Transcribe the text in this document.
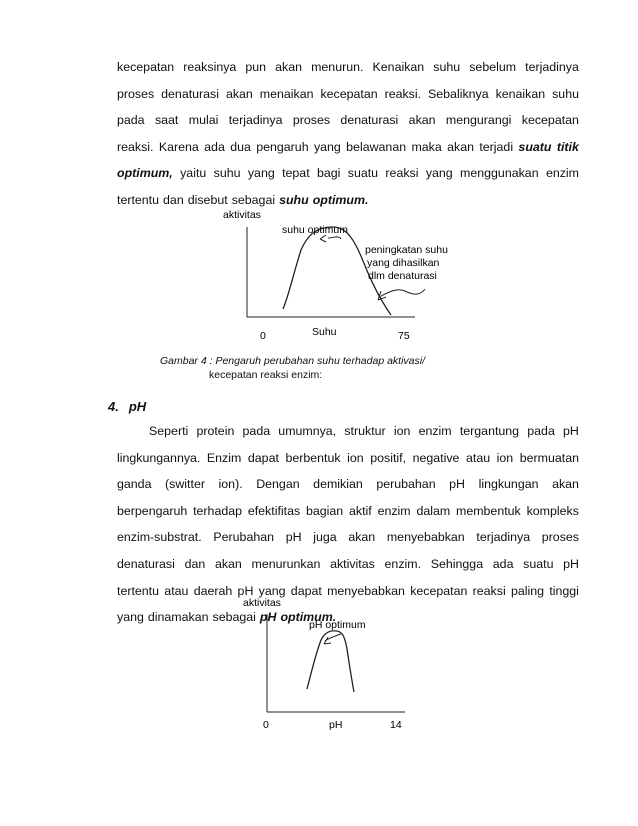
kecepatan reaksinya pun akan menurun. Kenaikan suhu sebelum terjadinya
proses denaturasi akan menaikan kecepatan reaksi. Sebaliknya kenaikan suhu
pada saat mulai terjadinya proses denaturasi akan mengurangi kecepatan
reaksi. Karena ada dua pengaruh yang belawanan maka akan terjadi suatu titik
optimum, yaitu suhu yang tepat bagi suatu reaksi yang menggunakan enzim
tertentu dan disebut sebagai suhu optimum.
aktivitas
suhu optimum
peningkatan suhu
yang dihasilkan
dlm denaturasi
0	Suhu	75
Gambar 4 : Pengaruh perubahan suhu terhadap aktivasi/
kecepatan reaksi enzim:
4. pH
Seperti protein pada umumnya, struktur ion enzim tergantung pada pH
lingkungannya. Enzim dapat berbentuk ion positif, negative atau ion bermuatan
ganda (switter ion). Dengan demikian perubahan pH lingkungan akan
berpengaruh terhadap efektifitas bagian aktif enzim dalam membentuk kompleks
enzim-substrat. Perubahan pH juga akan menyebabkan terjadinya proses
denaturasi dan akan menurunkan aktivitas enzim. Sehingga ada suatu pH
tertentu atau daerah pH yang dapat menyebabkan kecepatan reaksi paling tinggi
yang dinamakan sebagai pH optimum.
aktivitas
pH optimum
0	pH	14
